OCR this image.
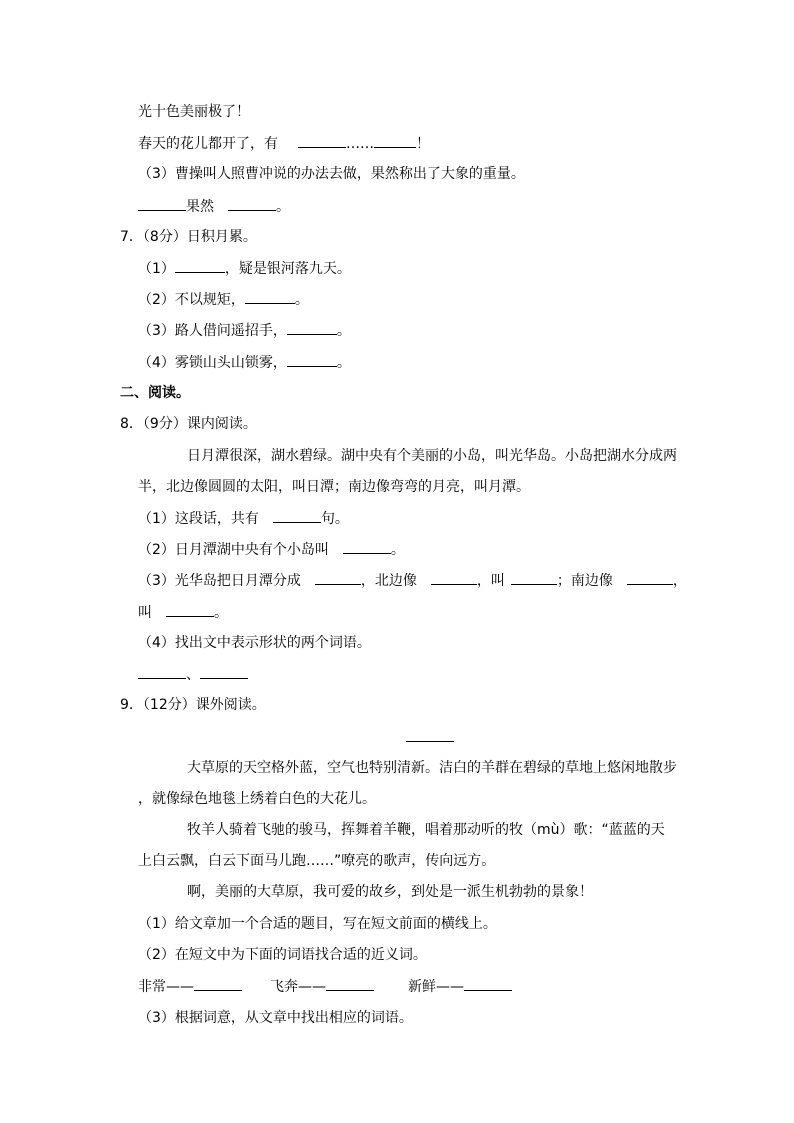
光十色美丽极了！
春天的花儿都开了，有	……	！
（3）曹操叫人照曹冲说的办法去做，果然称出了大象的重量。
果然	。
7．（8分）日积月累。
（1）	，疑是银河落九天。
（2）不以规矩，	。
（3）路人借问遥招手，	。
（4）雾锁山头山锁雾，	。
二、阅读。
8．（9分）课内阅读。
日月潭很深，湖水碧绿。湖中央有个美丽的小岛，叫光华岛。小岛把湖水分成两
半，北边像圆圆的太阳，叫日潭；南边像弯弯的月亮，叫月潭。
（1）这段话，共有	句。
（2）日月潭湖中央有个小岛叫	。
（3）光华岛把日月潭分成	，北边像	，叫	；南边像	，
叫	。
（4）找出文中表示形状的两个词语。
、
9．（12分）课外阅读。
大草原的天空格外蓝，空气也特别清新。洁白的羊群在碧绿的草地上悠闲地散步
，就像绿色地毯上绣着白色的大花儿。
牧羊人骑着飞驰的骏马，挥舞着羊鞭，唱着那动听的牧（mù）歌：“蓝蓝的天
上白云飘，白云下面马儿跑……”嘹亮的歌声，传向远方。
啊，美丽的大草原，我可爱的故乡，到处是一派生机勃勃的景象！
（1）给文章加一个合适的题目，写在短文前面的横线上。
（2）在短文中为下面的词语找合适的近义词。
非常——	飞奔——	新鲜——
（3）根据词意，从文章中找出相应的词语。
